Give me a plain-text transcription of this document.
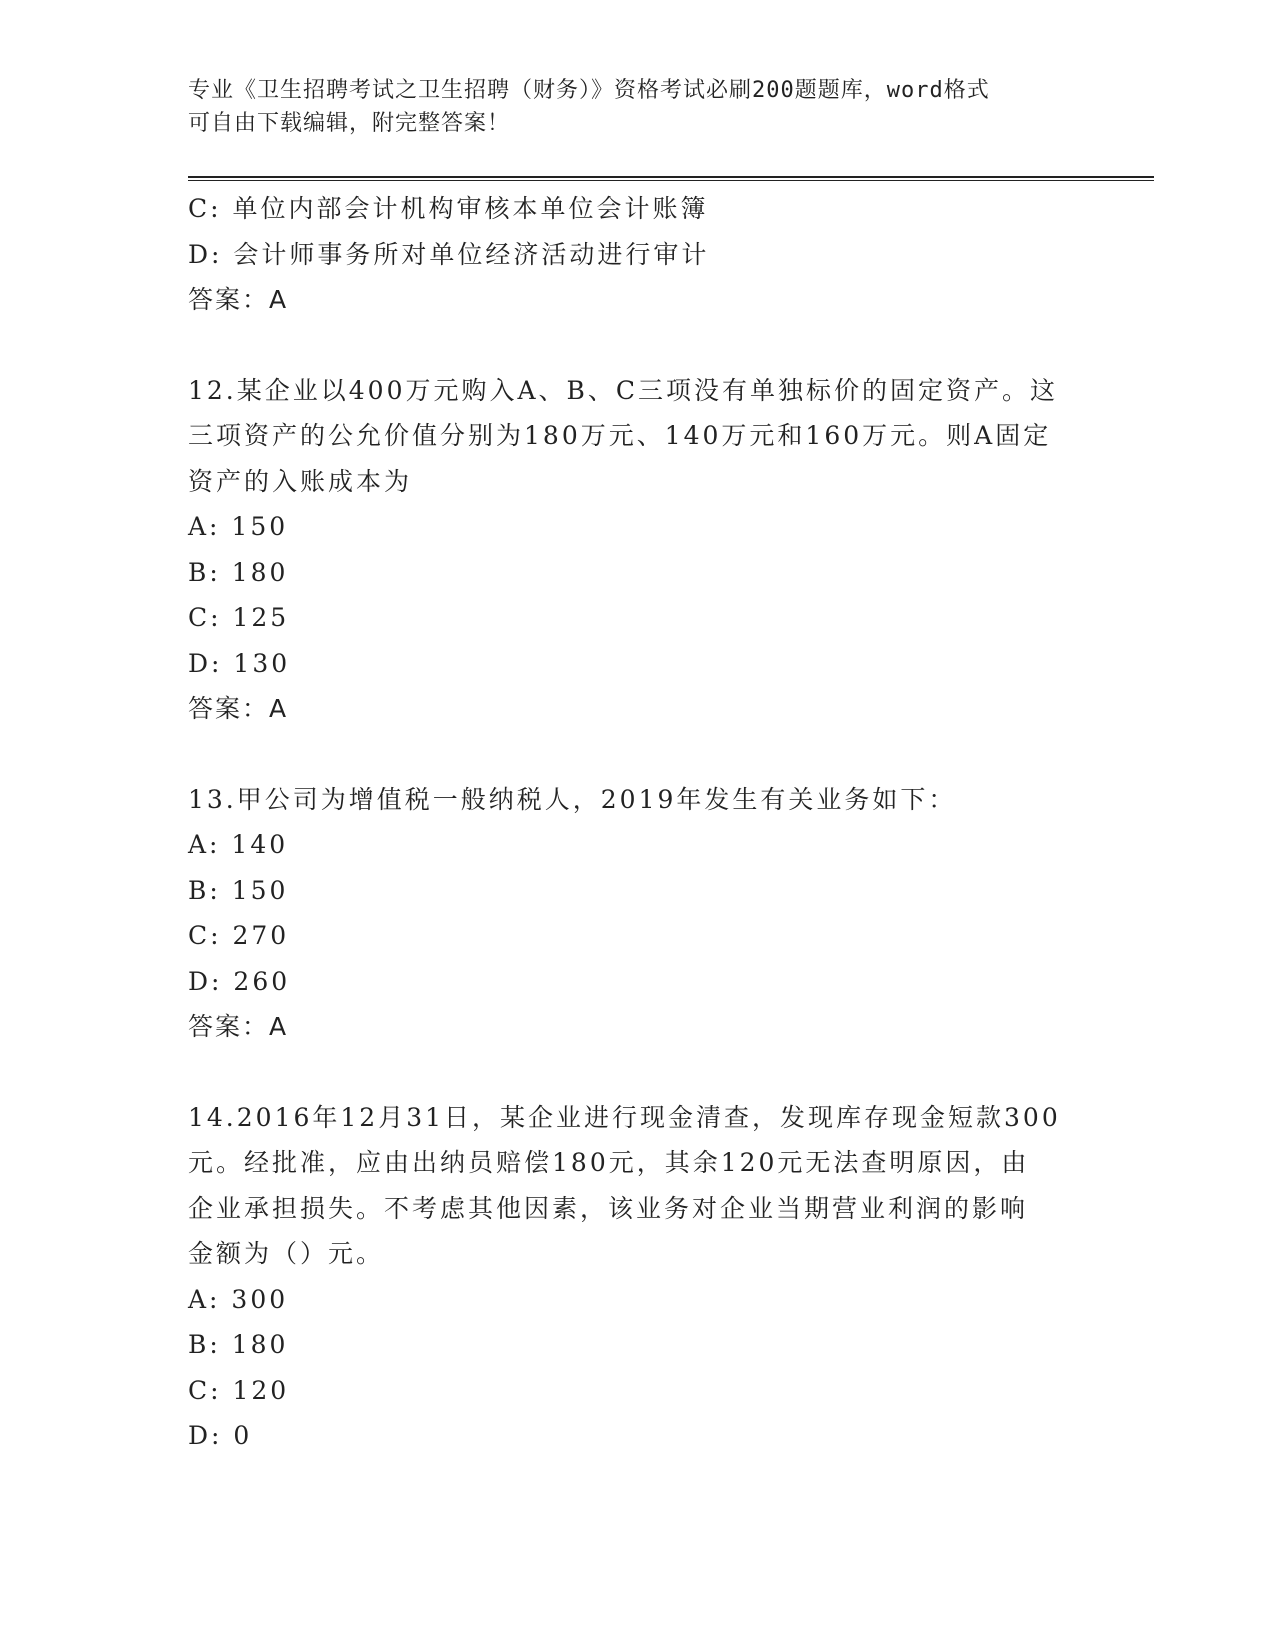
专业《卫生招聘考试之卫生招聘（财务）》资格考试必刷200题题库，word格式
可自由下载编辑，附完整答案！
C: 单位内部会计机构审核本单位会计账簿
D: 会计师事务所对单位经济活动进行审计
答案：A
12.某企业以400万元购入A、B、C三项没有单独标价的固定资产。这
三项资产的公允价值分别为180万元、140万元和160万元。则A固定
资产的入账成本为
A: 150
B: 180
C: 125
D: 130
答案：A
13.甲公司为增值税一般纳税人，2019年发生有关业务如下：
A: 140
B: 150
C: 270
D: 260
答案：A
14.2016年12月31日，某企业进行现金清查，发现库存现金短款300
元。经批准，应由出纳员赔偿180元，其余120元无法查明原因，由
企业承担损失。不考虑其他因素，该业务对企业当期营业利润的影响
金额为（）元。
A: 300
B: 180
C: 120
D: 0
